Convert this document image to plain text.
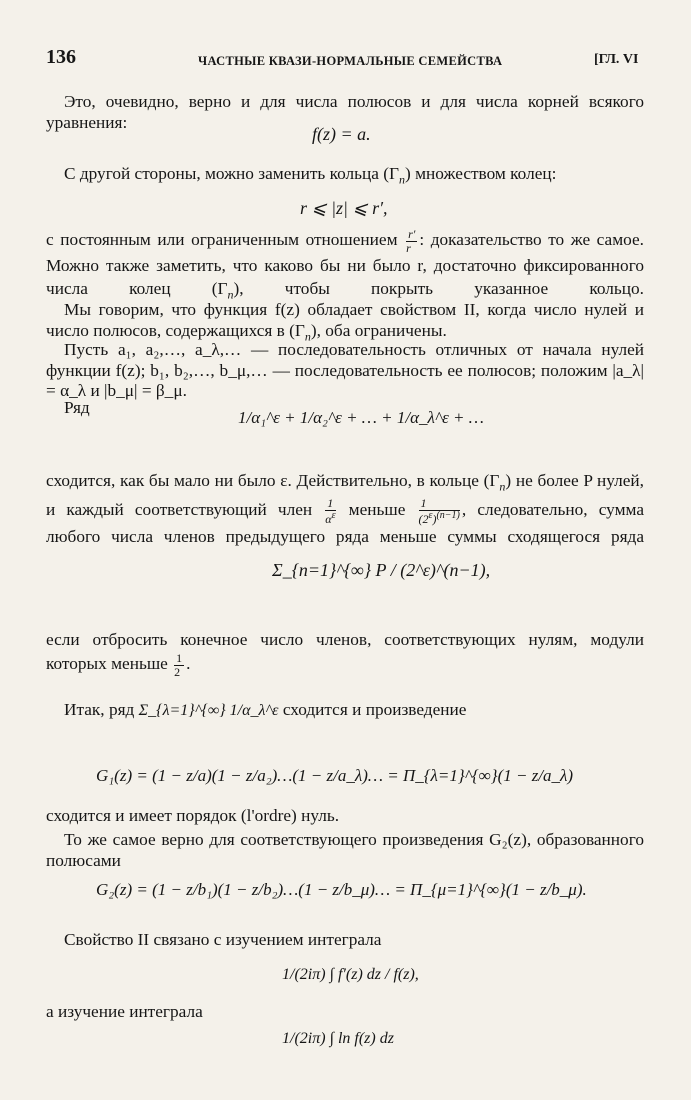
136	ЧАСТНЫЕ КВАЗИ-НОРМАЛЬНЫЕ СЕМЕЙСТВА	[ГЛ. VI
Это, очевидно, верно и для числа полюсов и для числа корней всякого уравнения:
f(z) = a.
С другой стороны, можно заменить кольца $(\Gamma_n)$ множеством колец:
r ⩽ |z| ⩽ r′,
с постоянным или ограниченным отношением $\frac{r'}{r}$ : доказательство то же самое. Можно также заметить, что каково бы ни было r, достаточно фиксированного числа колец $(\Gamma_n)$, чтобы покрыть указанное кольцо.
Мы говорим, что функция f(z) обладает свойством II, когда число нулей и число полюсов, содержащихся в $(\Gamma_n)$, оба ограничены.
Пусть a₁, a₂,…, a_λ,… — последовательность отличных от начала нулей функции f(z); b₁, b₂,…, b_μ,… — последовательность ее полюсов; положим |a_λ| = α_λ и |b_μ| = β_μ.
Ряд
1/α₁^ε + 1/α₂^ε + … + 1/α_λ^ε + …
сходится, как бы мало ни было ε. Действительно, в кольце $(\Gamma_n)$ не более P нулей, и каждый соответствующий член $\frac{1}{\alpha^\varepsilon}$ меньше $\frac{1}{(2^\varepsilon)^{(n-1)}}$ , следовательно, сумма любого числа членов предыдущего ряда меньше суммы сходящегося ряда
Σ_{n=1}^{∞} P / (2^ε)^(n−1),
если отбросить конечное число членов, соответствующих нулям, модули которых меньше $\frac{1}{2}$ .
Итак, ряд Σ_{λ=1}^{∞} 1/α_λ^ε сходится и произведение
G₁(z) = (1 − z/a)(1 − z/a₂)…(1 − z/a_λ)… = Π_{λ=1}^{∞}(1 − z/a_λ)
сходится и имеет порядок (l'ordre) нуль.
То же самое верно для соответствующего произведения G₂(z), образованного полюсами
G₂(z) = (1 − z/b₁)(1 − z/b₂)…(1 − z/b_μ)… = Π_{μ=1}^{∞}(1 − z/b_μ).
Свойство II связано с изучением интеграла
1/(2iπ) ∫ f′(z) dz / f(z),
а изучение интеграла
1/(2iπ) ∫ ln f(z) dz
